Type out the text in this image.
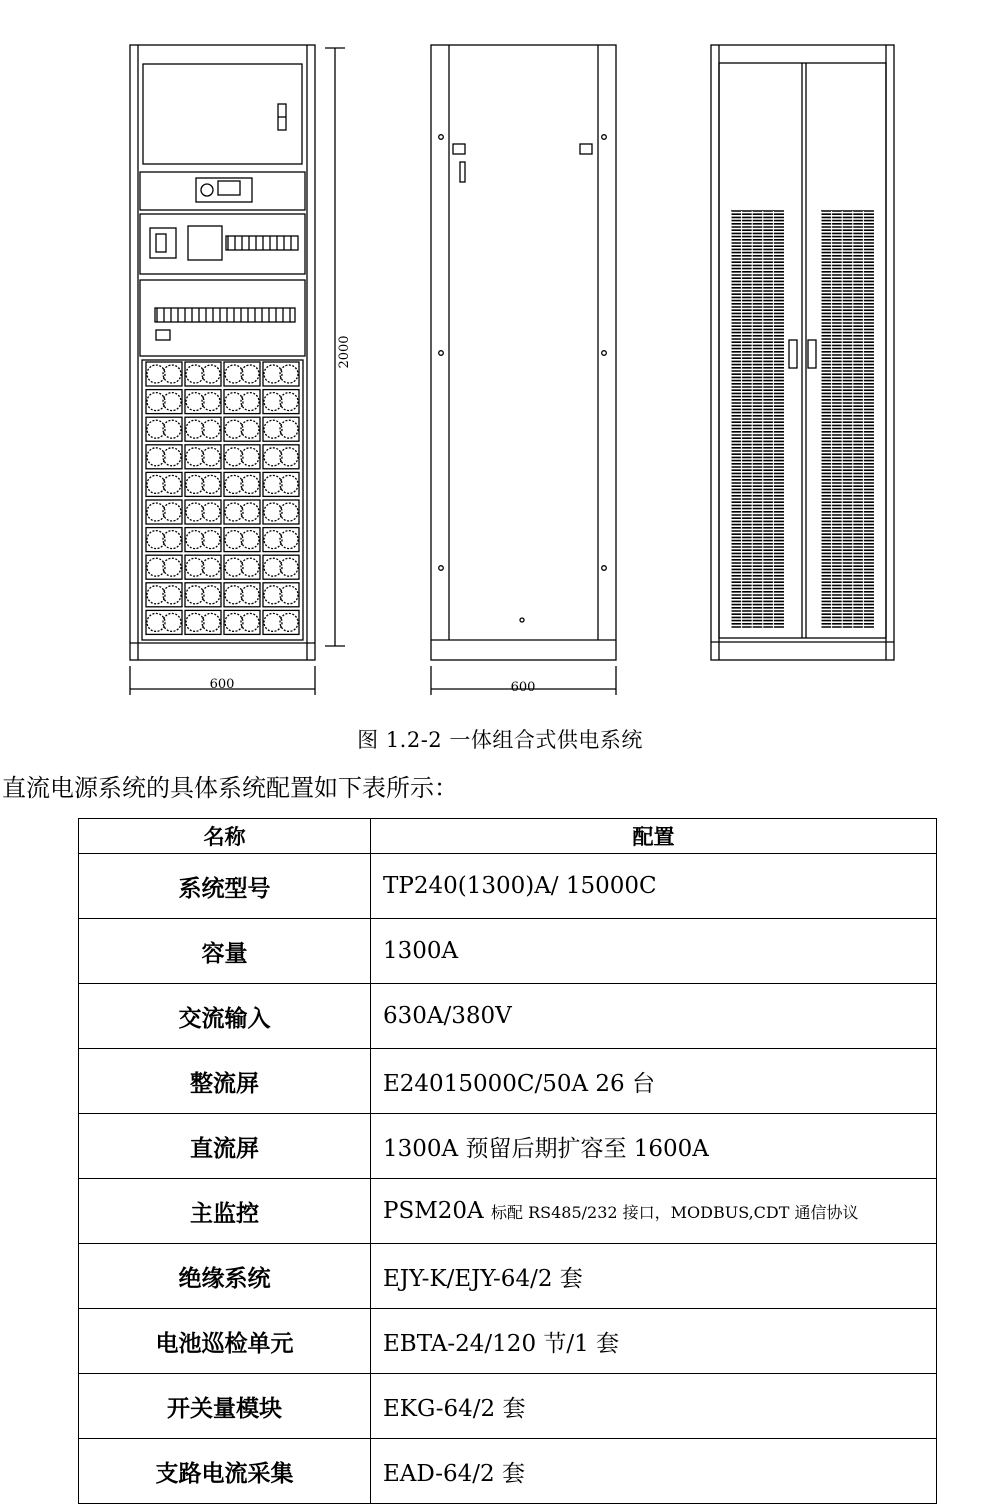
2000
600	600
图 1.2-2 一体组合式供电系统
直流电源系统的具体系统配置如下表所示：
名称	配置
系统型号	TP240(1300)A/ 15000C
容量	1300A
交流输入	630A/380V
整流屏	E24015000C/50A 26 台
直流屏	1300A 预留后期扩容至 1600A
主监控	PSM20A 标配 RS485/232 接口，MODBUS,CDT 通信协议
绝缘系统	EJY-K/EJY-64/2 套
电池巡检单元	EBTA-24/120 节/1 套
开关量模块	EKG-64/2 套
支路电流采集	EAD-64/2 套
